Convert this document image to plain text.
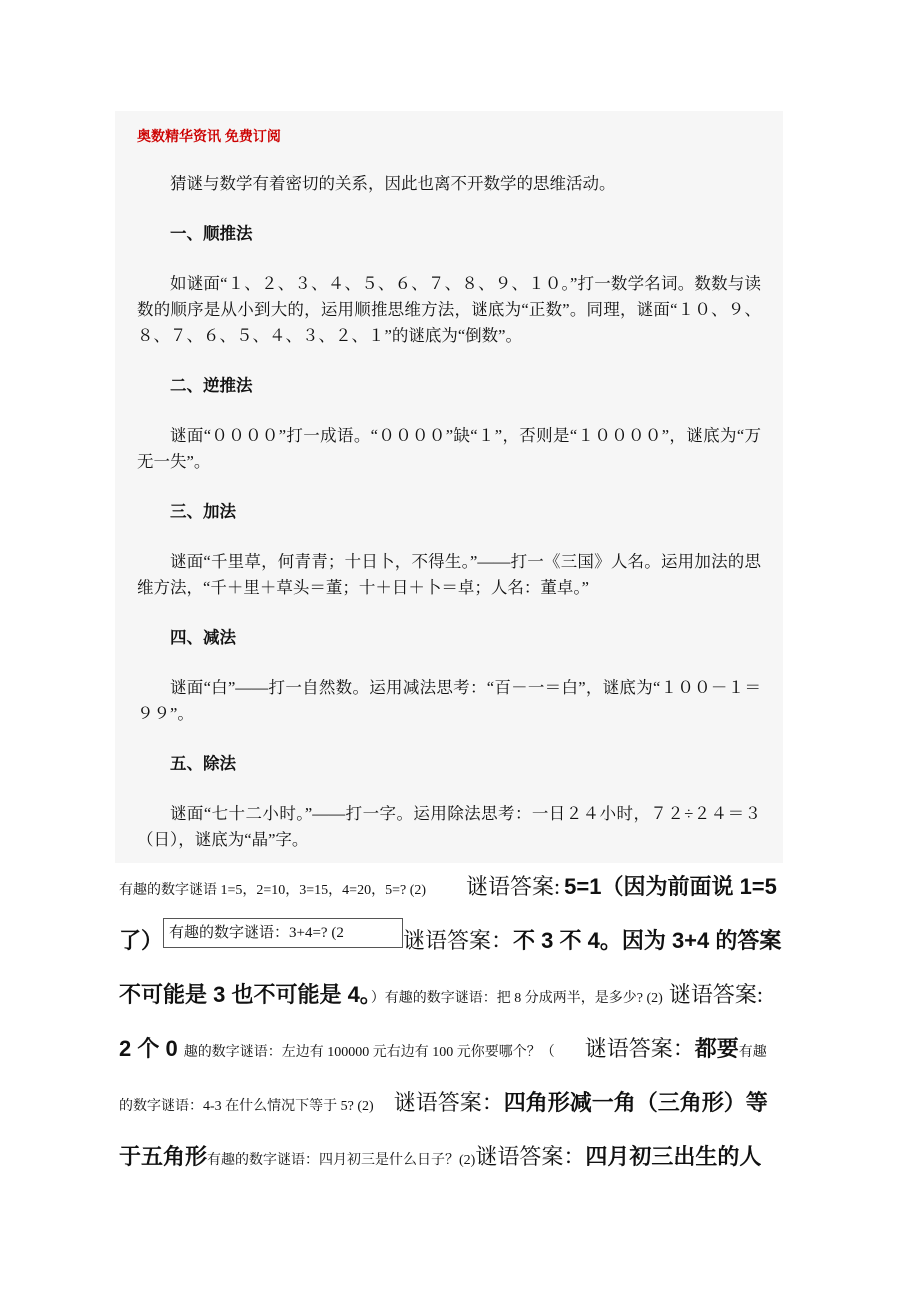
奥数精华资讯 免费订阅

猜谜与数学有着密切的关系，因此也离不开数学的思维活动。

一、顺推法

如谜面“１、２、３、４、５、６、７、８、９、１０。”打一数学名词。数数与读数的顺序是从小到大的，运用顺推思维方法，谜底为“正数”。同理，谜面“１０、９、８、７、６、５、４、３、２、１”的谜底为“倒数”。

二、逆推法

谜面“００００”打一成语。“００００”缺“１”，否则是“１００００”，谜底为“万无一失”。

三、加法

谜面“千里草，何青青；十日卜，不得生。”——打一《三国》人名。运用加法的思维方法，“千＋里＋草头＝董；十＋日＋卜＝卓；人名：董卓。”

四、减法

谜面“白”——打一自然数。运用减法思考：“百－一＝白”，谜底为“１００－１＝９９”。

五、除法

谜面“七十二小时。”——打一字。运用除法思考：一日２４小时，７２÷２４＝３（日），谜底为“晶”字。

有趣的数字谜语 1=5，2=10，3=15，4=20，5=? (2) 谜语答案: 5=1（因为前面说 1=5
了） 有趣的数字谜语：3+4=? (2	谜语答案：不 3 不 4。因为 3+4 的答案
不可能是 3 也不可能是 4。）有趣的数字谜语：把 8 分成两半，是多少? (2) 谜语答案:
2 个 0 趣的数字谜语：左边有 100000 元右边有 100 元你要哪个？（ 谜语答案：都要有趣
的数字谜语：4-3 在什么情况下等于 5? (2) 谜语答案：四角形减一角（三角形）等
于五角形有趣的数字谜语：四月初三是什么日子？(2)谜语答案：四月初三出生的人
